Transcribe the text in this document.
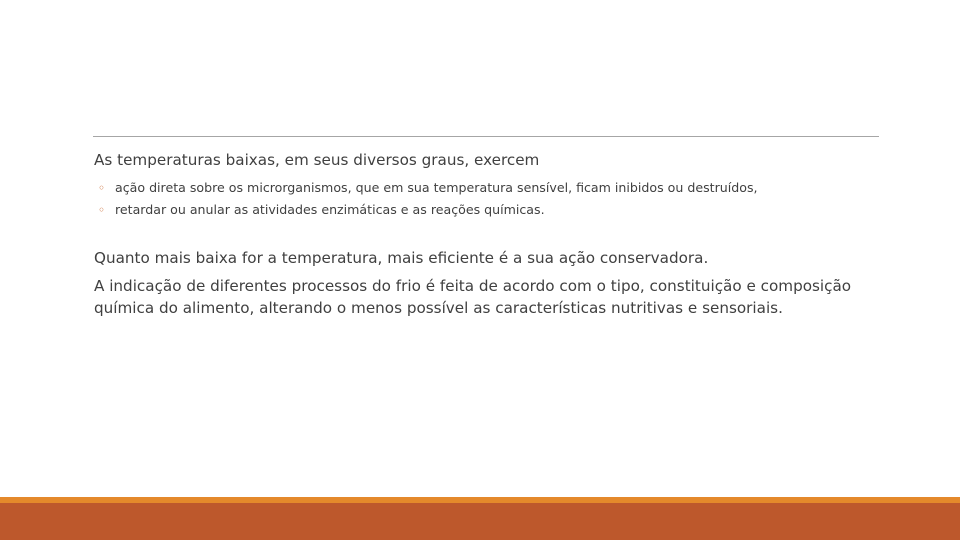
As temperaturas baixas, em seus diversos graus, exercem

◦ ação direta sobre os microrganismos, que em sua temperatura sensível, ficam inibidos ou destruídos,
◦ retardar ou anular as atividades enzimáticas e as reações químicas.

Quanto mais baixa for a temperatura, mais eficiente é a sua ação conservadora.

A indicação de diferentes processos do frio é feita de acordo com o tipo, constituição e composição química do alimento, alterando o menos possível as características nutritivas e sensoriais.
